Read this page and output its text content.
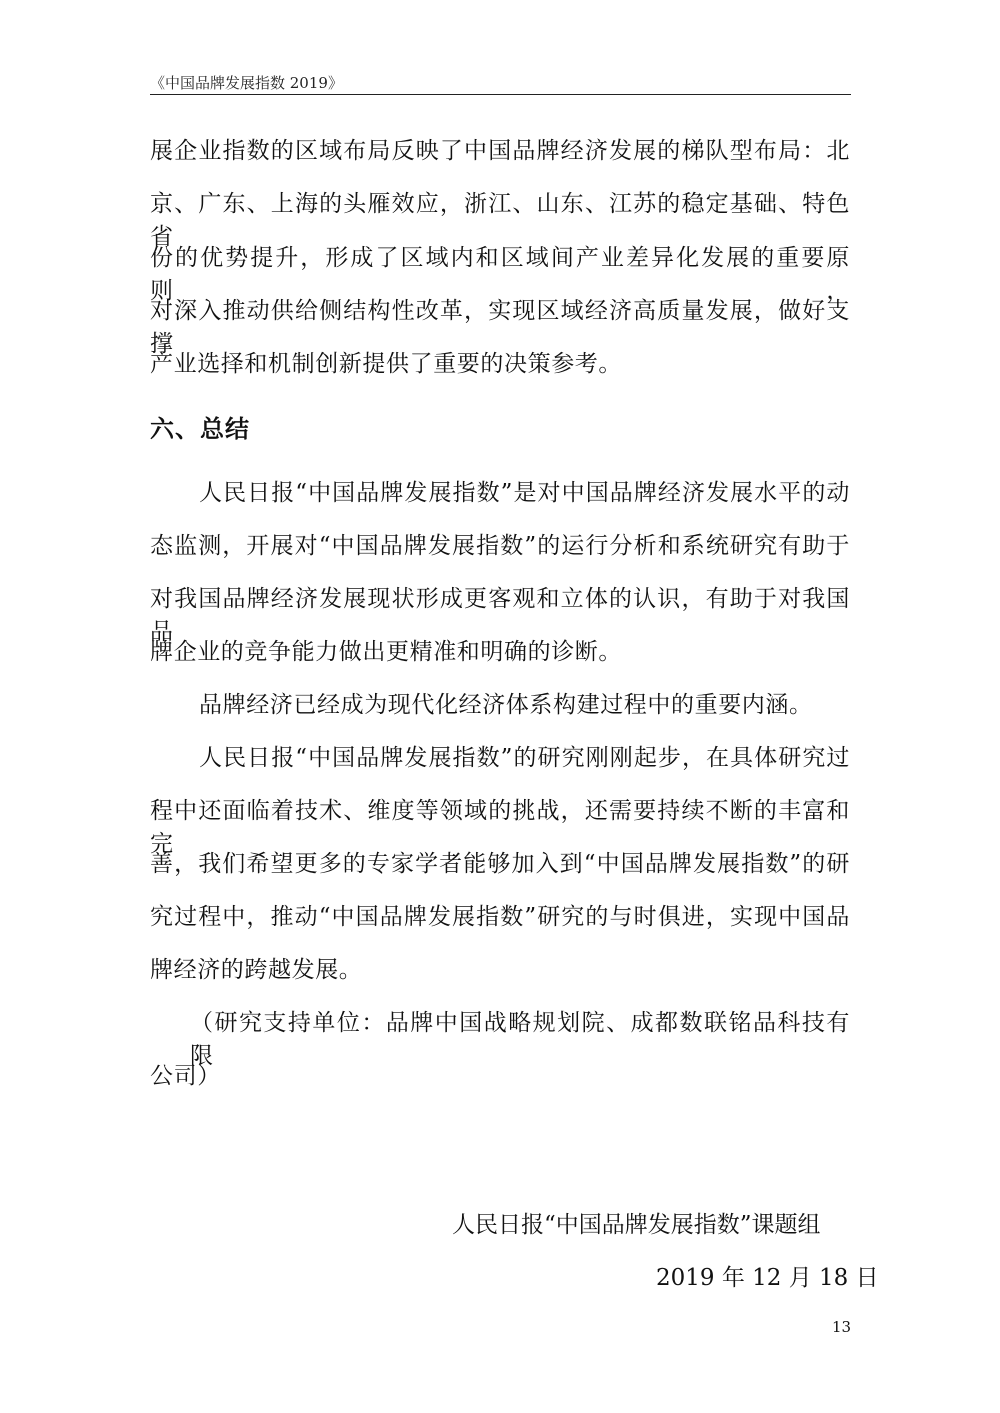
《中国品牌发展指数 2019》
展企业指数的区域布局反映了中国品牌经济发展的梯队型布局：北
京、广东、上海的头雁效应，浙江、山东、江苏的稳定基础、特色省
份的优势提升，形成了区域内和区域间产业差异化发展的重要原则，
对深入推动供给侧结构性改革，实现区域经济高质量发展，做好支撑
产业选择和机制创新提供了重要的决策参考。
六、总结
人民日报“中国品牌发展指数”是对中国品牌经济发展水平的动
态监测，开展对“中国品牌发展指数”的运行分析和系统研究有助于
对我国品牌经济发展现状形成更客观和立体的认识，有助于对我国品
牌企业的竞争能力做出更精准和明确的诊断。
品牌经济已经成为现代化经济体系构建过程中的重要内涵。
人民日报“中国品牌发展指数”的研究刚刚起步，在具体研究过
程中还面临着技术、维度等领域的挑战，还需要持续不断的丰富和完
善，我们希望更多的专家学者能够加入到“中国品牌发展指数”的研
究过程中，推动“中国品牌发展指数”研究的与时俱进，实现中国品
牌经济的跨越发展。
（研究支持单位：品牌中国战略规划院、成都数联铭品科技有限
公司）
人民日报“中国品牌发展指数”课题组
2019 年 12 月 18 日
13
